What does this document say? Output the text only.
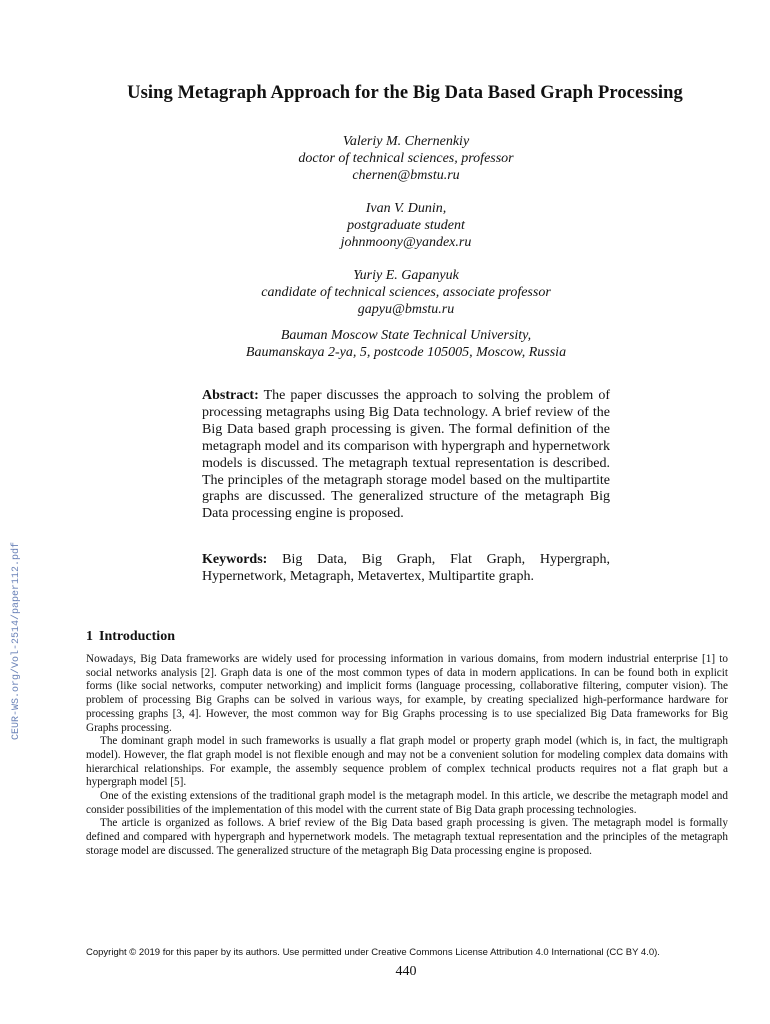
Using Metagraph Approach for the Big Data Based Graph Processing
Valeriy M. Chernenkiy
doctor of technical sciences, professor
chernen@bmstu.ru
Ivan V. Dunin,
postgraduate student
johnmoony@yandex.ru
Yuriy E. Gapanyuk
candidate of technical sciences, associate professor
gapyu@bmstu.ru
Bauman Moscow State Technical University,
Baumanskaya 2-ya, 5, postcode 105005, Moscow, Russia
Abstract: The paper discusses the approach to solving the problem of processing metagraphs using Big Data technology. A brief review of the Big Data based graph processing is given. The formal definition of the metagraph model and its comparison with hypergraph and hypernetwork models is discussed. The metagraph textual representation is described. The principles of the metagraph storage model based on the multipartite graphs are discussed. The generalized structure of the metagraph Big Data processing engine is proposed.
Keywords: Big Data, Big Graph, Flat Graph, Hypergraph, Hypernetwork, Metagraph, Metavertex, Multipartite graph.
1 Introduction

Nowadays, Big Data frameworks are widely used for processing information in various domains, from modern industrial enterprise [1] to social networks analysis [2]. Graph data is one of the most common types of data in modern applications. In can be found both in explicit forms (like social networks, computer networking) and implicit forms (language processing, collaborative filtering, computer vision). The problem of processing Big Graphs can be solved in various ways, for example, by creating specialized high-performance hardware for processing graphs [3, 4]. However, the most common way for Big Graphs processing is to use specialized Big Data frameworks for Big Graphs processing.

The dominant graph model in such frameworks is usually a flat graph model or property graph model (which is, in fact, the multigraph model). However, the flat graph model is not flexible enough and may not be a convenient solution for modeling complex data domains with hierarchical relationships. For example, the assembly sequence problem of complex technical products requires not a flat graph but a hypergraph model [5].

One of the existing extensions of the traditional graph model is the metagraph model. In this article, we describe the metagraph model and consider possibilities of the implementation of this model with the current state of Big Data graph processing technologies.

The article is organized as follows. A brief review of the Big Data based graph processing is given. The metagraph model is formally defined and compared with hypergraph and hypernetwork models. The metagraph textual representation and the principles of the metagraph storage model are discussed. The generalized structure of the metagraph Big Data processing engine is proposed.

Copyright © 2019 for this paper by its authors. Use permitted under Creative Commons License Attribution 4.0 International (CC BY 4.0).
440
CEUR-WS.org/Vol-2514/paper112.pdf
